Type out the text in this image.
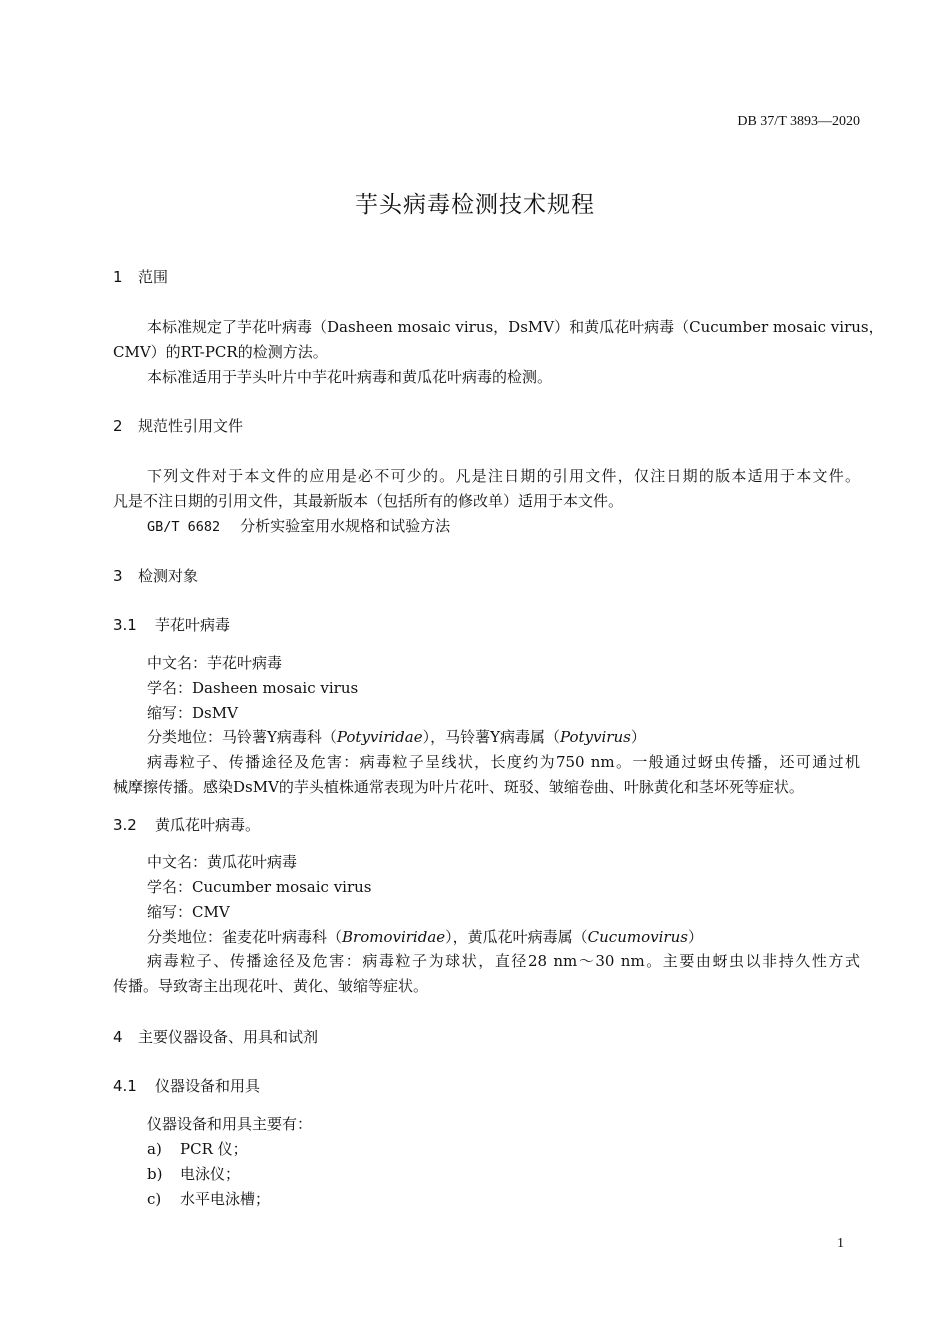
DB 37/T 3893—2020
芋头病毒检测技术规程
1 范围
本标准规定了芋花叶病毒（Dasheen mosaic virus，DsMV）和黄瓜花叶病毒（Cucumber mosaic virus，
CMV）的RT-PCR的检测方法。
本标准适用于芋头叶片中芋花叶病毒和黄瓜花叶病毒的检测。
2 规范性引用文件
下列文件对于本文件的应用是必不可少的。凡是注日期的引用文件，仅注日期的版本适用于本文件。
凡是不注日期的引用文件，其最新版本（包括所有的修改单）适用于本文件。
GB/T 6682 分析实验室用水规格和试验方法
3 检测对象
3.1 芋花叶病毒
中文名：芋花叶病毒
学名：Dasheen mosaic virus
缩写：DsMV
分类地位：马铃薯Y病毒科（Potyviridae），马铃薯Y病毒属（Potyvirus）
病毒粒子、传播途径及危害：病毒粒子呈线状，长度约为750 nm。一般通过蚜虫传播，还可通过机
械摩擦传播。感染DsMV的芋头植株通常表现为叶片花叶、斑驳、皱缩卷曲、叶脉黄化和茎坏死等症状。
3.2 黄瓜花叶病毒。
中文名：黄瓜花叶病毒
学名：Cucumber mosaic virus
缩写：CMV
分类地位：雀麦花叶病毒科（Bromoviridae），黄瓜花叶病毒属（Cucumovirus）
病毒粒子、传播途径及危害：病毒粒子为球状，直径28 nm～30 nm。主要由蚜虫以非持久性方式
传播。导致寄主出现花叶、黄化、皱缩等症状。
4 主要仪器设备、用具和试剂
4.1 仪器设备和用具
仪器设备和用具主要有：
a) PCR 仪；
b) 电泳仪；
c) 水平电泳槽；
1
